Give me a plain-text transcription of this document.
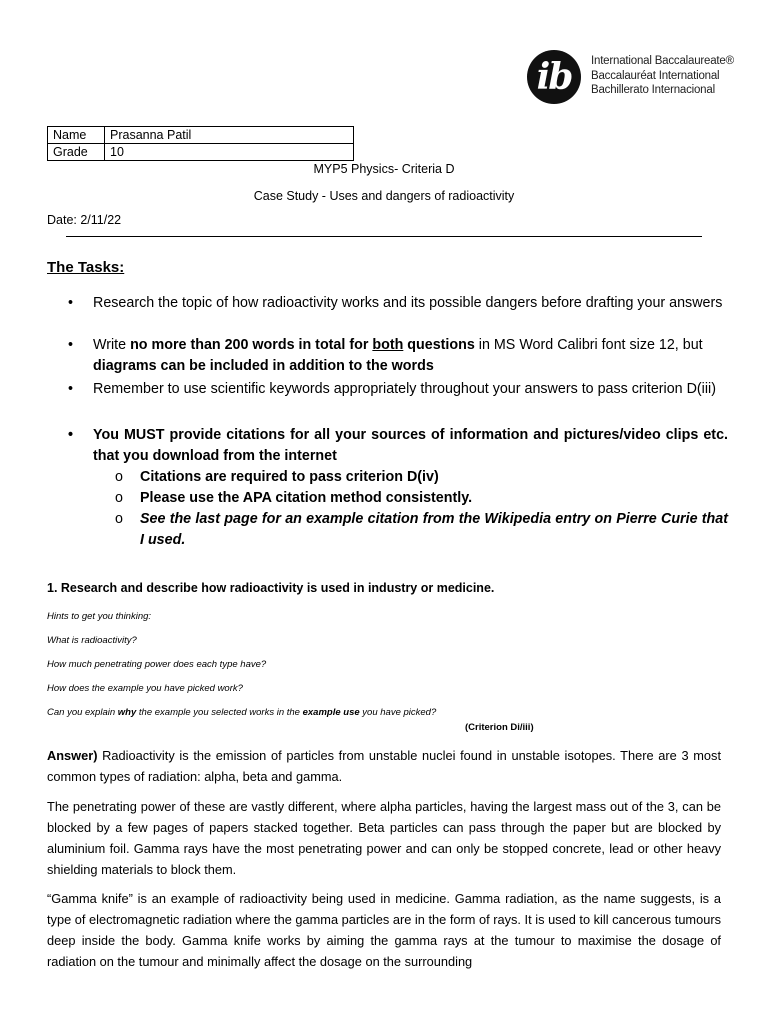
ib	International Baccalaureate®
Baccalauréat International
Bachillerato Internacional
Name	Prasanna Patil
Grade	10
MYP5 Physics- Criteria D
Case Study - Uses and dangers of radioactivity
Date: 2/11/22
The Tasks:
• Research the topic of how radioactivity works and its possible dangers before drafting your answers
• Write no more than 200 words in total for both questions in MS Word Calibri font size 12, but diagrams can be included in addition to the words
• Remember to use scientific keywords appropriately throughout your answers to pass criterion D(iii)
• You MUST provide citations for all your sources of information and pictures/video clips etc. that you download from the internet
o Citations are required to pass criterion D(iv)
o Please use the APA citation method consistently.
o See the last page for an example citation from the Wikipedia entry on Pierre Curie that I used.
1. Research and describe how radioactivity is used in industry or medicine.
Hints to get you thinking:
What is radioactivity?
How much penetrating power does each type have?
How does the example you have picked work?
Can you explain why the example you selected works in the example use you have picked?
(Criterion Di/iii)
Answer) Radioactivity is the emission of particles from unstable nuclei found in unstable isotopes. There are 3 most common types of radiation: alpha, beta and gamma.
The penetrating power of these are vastly different, where alpha particles, having the largest mass out of the 3, can be blocked by a few pages of papers stacked together. Beta particles can pass through the paper but are blocked by aluminium foil. Gamma rays have the most penetrating power and can only be stopped concrete, lead or other heavy shielding materials to block them.
“Gamma knife” is an example of radioactivity being used in medicine. Gamma radiation, as the name suggests, is a type of electromagnetic radiation where the gamma particles are in the form of rays. It is used to kill cancerous tumours deep inside the body. Gamma knife works by aiming the gamma rays at the tumour to maximise the dosage of radiation on the tumour and minimally affect the dosage on the surrounding
